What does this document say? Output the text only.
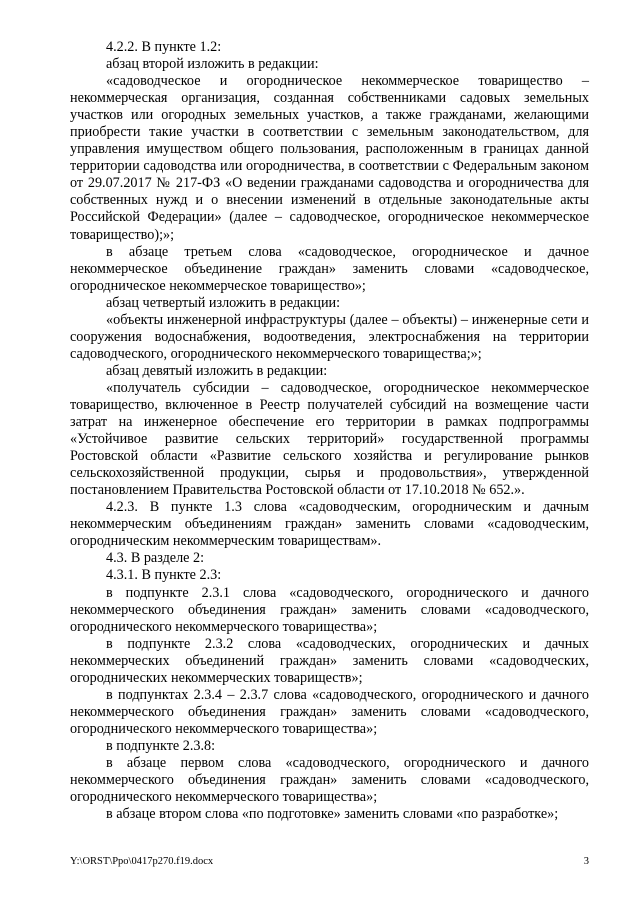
4.2.2. В пункте 1.2:

абзац второй изложить в редакции:

«садоводческое и огородническое некоммерческое товарищество – некоммерческая организация, созданная собственниками садовых земельных участков или огородных земельных участков, а также гражданами, желающими приобрести такие участки в соответствии с земельным законодательством, для управления имуществом общего пользования, расположенным в границах данной территории садоводства или огородничества, в соответствии с Федеральным законом от 29.07.2017 № 217-ФЗ «О ведении гражданами садоводства и огородничества для собственных нужд и о внесении изменений в отдельные законодательные акты Российской Федерации» (далее – садоводческое, огородническое некоммерческое товарищество);»;

в абзаце третьем слова «садоводческое, огородническое и дачное некоммерческое объединение граждан» заменить словами «садоводческое, огородническое некоммерческое товарищество»;

абзац четвертый изложить в редакции:

«объекты инженерной инфраструктуры (далее – объекты) – инженерные сети и сооружения водоснабжения, водоотведения, электроснабжения на территории садоводческого, огороднического некоммерческого товарищества;»;

абзац девятый изложить в редакции:

«получатель субсидии – садоводческое, огородническое некоммерческое товарищество, включенное в Реестр получателей субсидий на возмещение части затрат на инженерное обеспечение его территории в рамках подпрограммы «Устойчивое развитие сельских территорий» государственной программы Ростовской области «Развитие сельского хозяйства и регулирование рынков сельскохозяйственной продукции, сырья и продовольствия», утвержденной постановлением Правительства Ростовской области от 17.10.2018 № 652.».

4.2.3. В пункте 1.3 слова «садоводческим, огородническим и дачным некоммерческим объединениям граждан» заменить словами «садоводческим, огородническим некоммерческим товариществам».

4.3. В разделе 2:

4.3.1. В пункте 2.3:

в подпункте 2.3.1 слова «садоводческого, огороднического и дачного некоммерческого объединения граждан» заменить словами «садоводческого, огороднического некоммерческого товарищества»;

в подпункте 2.3.2 слова «садоводческих, огороднических и дачных некоммерческих объединений граждан» заменить словами «садоводческих, огороднических некоммерческих товариществ»;

в подпунктах 2.3.4 – 2.3.7 слова «садоводческого, огороднического и дачного некоммерческого объединения граждан» заменить словами «садоводческого, огороднического некоммерческого товарищества»;

в подпункте 2.3.8:

в абзаце первом слова «садоводческого, огороднического и дачного некоммерческого объединения граждан» заменить словами «садоводческого, огороднического некоммерческого товарищества»;

в абзаце втором слова «по подготовке» заменить словами «по разработке»;

Y:\ORST\Ppo\0417p270.f19.docx	3
